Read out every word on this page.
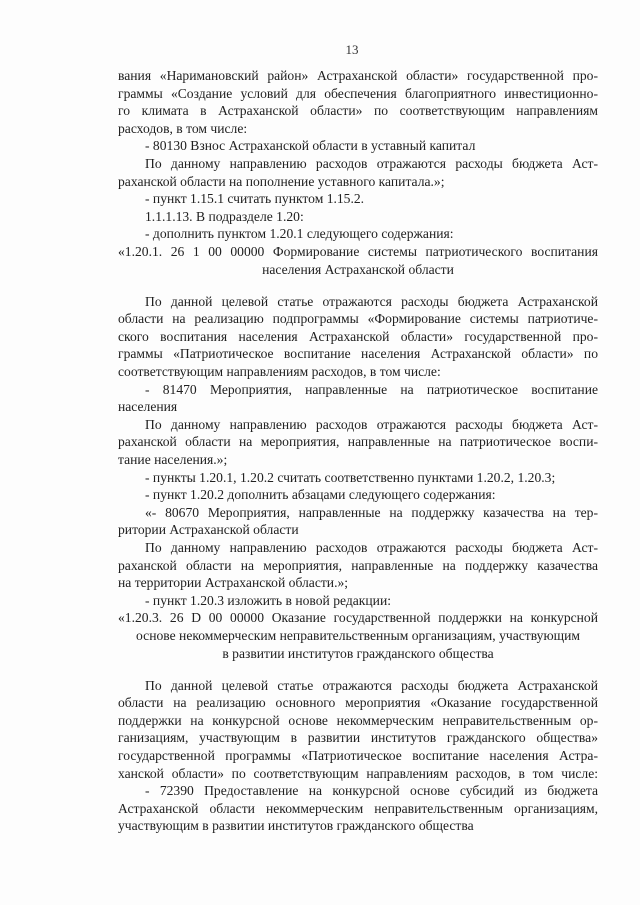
13
вания «Наримановский район» Астраханской области» государственной про-
граммы «Создание условий для обеспечения благоприятного инвестиционно-
го климата в Астраханской области» по соответствующим направлениям
расходов, в том числе:
- 80130 Взнос Астраханской области в уставный капитал
По данному направлению расходов отражаются расходы бюджета Аст-
раханской области на пополнение уставного капитала.»;
- пункт 1.15.1 считать пунктом 1.15.2.
1.1.1.13. В подразделе 1.20:
- дополнить пунктом 1.20.1 следующего содержания:
«1.20.1. 26 1 00 00000 Формирование системы патриотического воспитания
населения Астраханской области
По данной целевой статье отражаются расходы бюджета Астраханской
области на реализацию подпрограммы «Формирование системы патриотиче-
ского воспитания населения Астраханской области» государственной про-
граммы «Патриотическое воспитание населения Астраханской области» по
соответствующим направлениям расходов, в том числе:
- 81470 Мероприятия, направленные на патриотическое воспитание
населения
По данному направлению расходов отражаются расходы бюджета Аст-
раханской области на мероприятия, направленные на патриотическое воспи-
тание населения.»;
- пункты 1.20.1, 1.20.2 считать соответственно пунктами 1.20.2, 1.20.3;
- пункт 1.20.2 дополнить абзацами следующего содержания:
«- 80670 Мероприятия, направленные на поддержку казачества на тер-
ритории Астраханской области
По данному направлению расходов отражаются расходы бюджета Аст-
раханской области на мероприятия, направленные на поддержку казачества
на территории Астраханской области.»;
- пункт 1.20.3 изложить в новой редакции:
«1.20.3. 26 D 00 00000 Оказание государственной поддержки на конкурсной
основе некоммерческим неправительственным организациям, участвующим
в развитии институтов гражданского общества
По данной целевой статье отражаются расходы бюджета Астраханской
области на реализацию основного мероприятия «Оказание государственной
поддержки на конкурсной основе некоммерческим неправительственным ор-
ганизациям, участвующим в развитии институтов гражданского общества»
государственной программы «Патриотическое воспитание населения Астра-
ханской области» по соответствующим направлениям расходов, в том числе:
- 72390 Предоставление на конкурсной основе субсидий из бюджета
Астраханской области некоммерческим неправительственным организациям,
участвующим в развитии институтов гражданского общества
